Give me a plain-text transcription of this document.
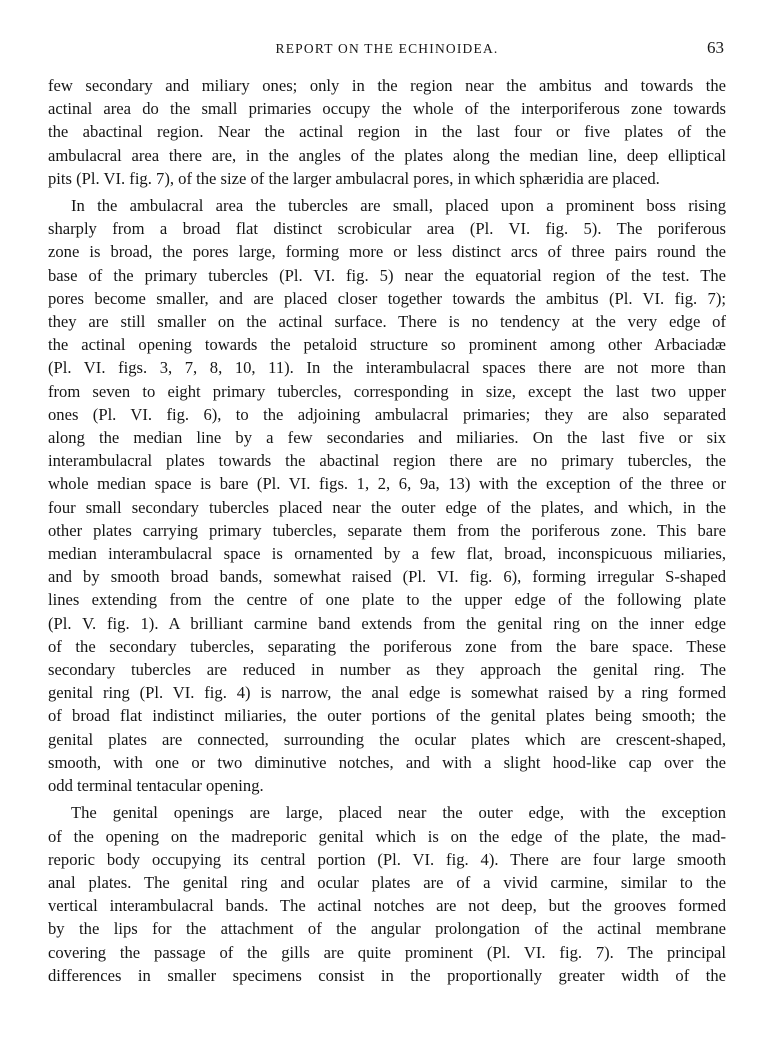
REPORT ON THE ECHINOIDEA.	63
few secondary and miliary ones; only in the region near the ambitus and towards the
actinal area do the small primaries occupy the whole of the interporiferous zone towards
the abactinal region. Near the actinal region in the last four or five plates of the
ambulacral area there are, in the angles of the plates along the median line, deep elliptical
pits (Pl. VI. fig. 7), of the size of the larger ambulacral pores, in which sphæridia are placed.
In the ambulacral area the tubercles are small, placed upon a prominent boss rising
sharply from a broad flat distinct scrobicular area (Pl. VI. fig. 5). The poriferous
zone is broad, the pores large, forming more or less distinct arcs of three pairs round the
base of the primary tubercles (Pl. VI. fig. 5) near the equatorial region of the test. The
pores become smaller, and are placed closer together towards the ambitus (Pl. VI. fig. 7);
they are still smaller on the actinal surface. There is no tendency at the very edge of
the actinal opening towards the petaloid structure so prominent among other Arbaciadæ
(Pl. VI. figs. 3, 7, 8, 10, 11). In the interambulacral spaces there are not more than
from seven to eight primary tubercles, corresponding in size, except the last two upper
ones (Pl. VI. fig. 6), to the adjoining ambulacral primaries; they are also separated
along the median line by a few secondaries and miliaries. On the last five or six
interambulacral plates towards the abactinal region there are no primary tubercles, the
whole median space is bare (Pl. VI. figs. 1, 2, 6, 9a, 13) with the exception of the three or
four small secondary tubercles placed near the outer edge of the plates, and which, in the
other plates carrying primary tubercles, separate them from the poriferous zone. This bare
median interambulacral space is ornamented by a few flat, broad, inconspicuous miliaries,
and by smooth broad bands, somewhat raised (Pl. VI. fig. 6), forming irregular S-shaped
lines extending from the centre of one plate to the upper edge of the following plate
(Pl. V. fig. 1). A brilliant carmine band extends from the genital ring on the inner edge
of the secondary tubercles, separating the poriferous zone from the bare space. These
secondary tubercles are reduced in number as they approach the genital ring. The
genital ring (Pl. VI. fig. 4) is narrow, the anal edge is somewhat raised by a ring formed
of broad flat indistinct miliaries, the outer portions of the genital plates being smooth; the
genital plates are connected, surrounding the ocular plates which are crescent-shaped,
smooth, with one or two diminutive notches, and with a slight hood-like cap over the
odd terminal tentacular opening.
The genital openings are large, placed near the outer edge, with the exception
of the opening on the madreporic genital which is on the edge of the plate, the mad-
reporic body occupying its central portion (Pl. VI. fig. 4). There are four large smooth
anal plates. The genital ring and ocular plates are of a vivid carmine, similar to the
vertical interambulacral bands. The actinal notches are not deep, but the grooves formed
by the lips for the attachment of the angular prolongation of the actinal membrane
covering the passage of the gills are quite prominent (Pl. VI. fig. 7). The principal
differences in smaller specimens consist in the proportionally greater width of the
